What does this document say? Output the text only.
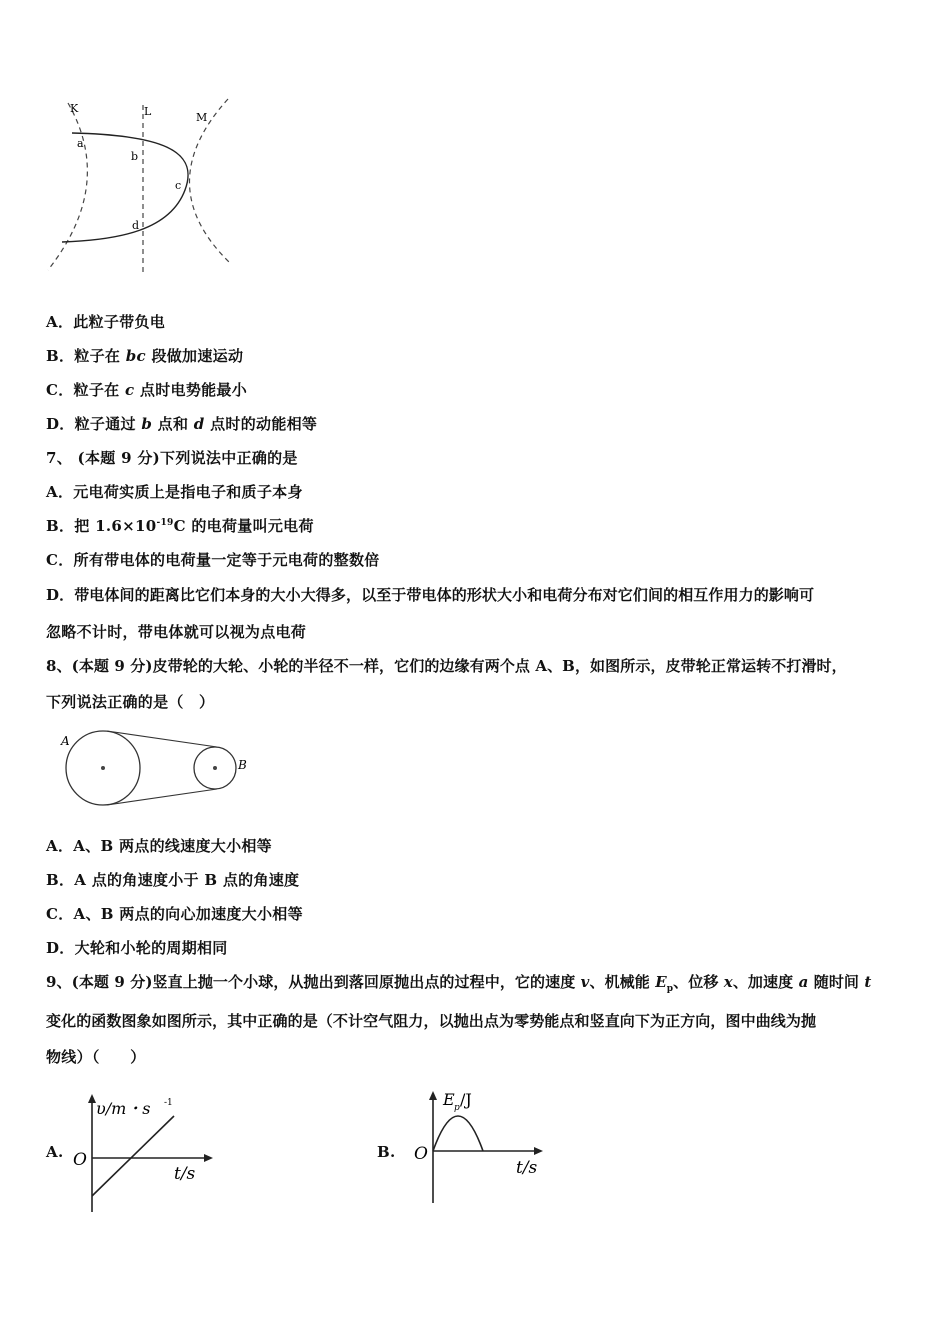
K	L	M
a
b
c
d
A．此粒子带负电
B．粒子在 bc 段做加速运动
C．粒子在 c 点时电势能最小
D．粒子通过 b 点和 d 点时的动能相等
7、 (本题 9 分)下列说法中正确的是
A．元电荷实质上是指电子和质子本身
B．把 $1.6\times 10^{-19}C$ 的电荷量叫元电荷
C．所有带电体的电荷量一定等于元电荷的整数倍
D．带电体间的距离比它们本身的大小大得多，以至于带电体的形状大小和电荷分布对它们间的相互作用力的影响可
忽略不计时，带电体就可以视为点电荷
8、(本题 9 分)皮带轮的大轮、小轮的半径不一样，它们的边缘有两个点 A、B，如图所示，皮带轮正常运转不打滑时，
下列说法正确的是（　）
A
B
A．A、B 两点的线速度大小相等
B．A 点的角速度小于 B 点的角速度
C．A、B 两点的向心加速度大小相等
D．大轮和小轮的周期相同
9、(本题 9 分)竖直上抛一个小球，从抛出到落回原抛出点的过程中，它的速度 v、机械能 $E_p$、位移 x、加速度 a 随时间 t
变化的函数图象如图所示，其中正确的是（不计空气阻力，以抛出点为零势能点和竖直向下为正方向，图中曲线为抛
物线）（　　）
A.
υ/m・s -1
O
t/s
B.
E p /J
O
t/s
